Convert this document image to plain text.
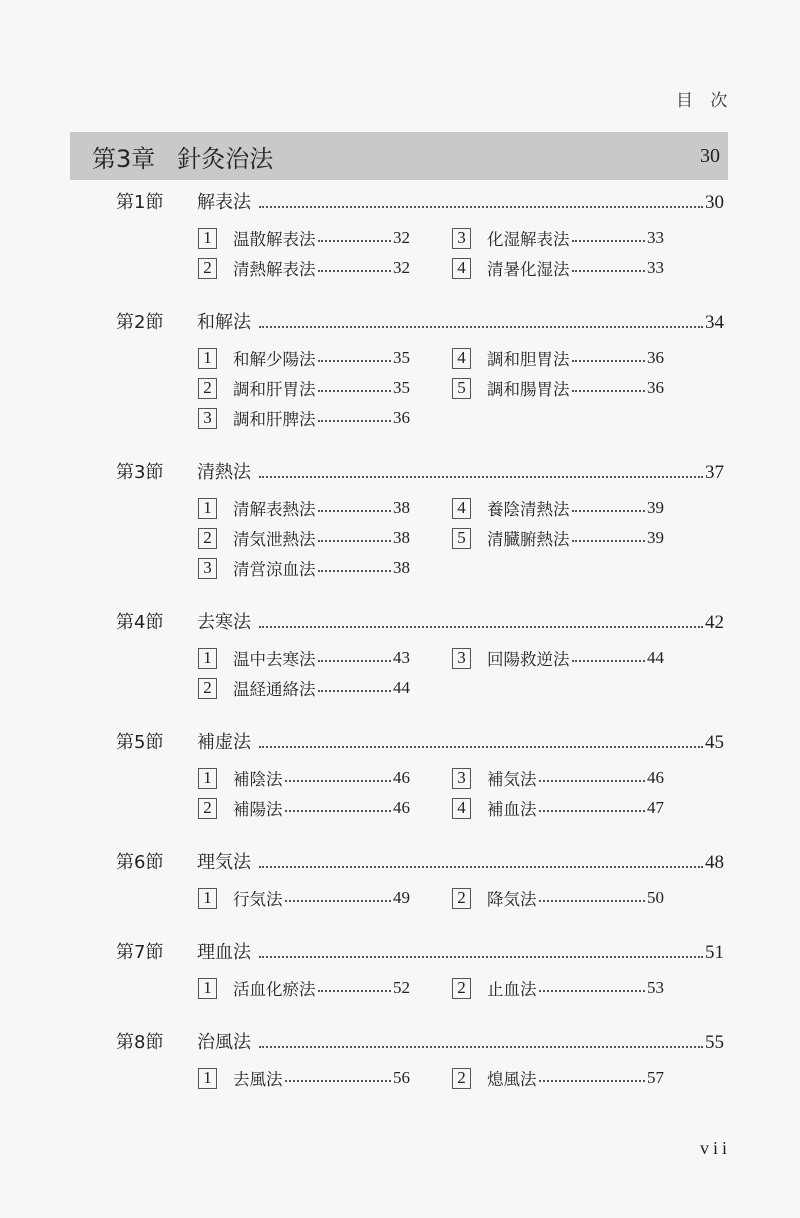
目 次
第3章 針灸治法	30
第1節	解表法	30
1	温散解表法	32
2	清熱解表法	32
3	化湿解表法	33
4	清暑化湿法	33
第2節	和解法	34
1	和解少陽法	35
2	調和肝胃法	35
3	調和肝脾法	36
4	調和胆胃法	36
5	調和腸胃法	36
第3節	清熱法	37
1	清解表熱法	38
2	清気泄熱法	38
3	清営涼血法	38
4	養陰清熱法	39
5	清臓腑熱法	39
第4節	去寒法	42
1	温中去寒法	43
2	温経通絡法	44
3	回陽救逆法	44
第5節	補虚法	45
1	補陰法	46
2	補陽法	46
3	補気法	46
4	補血法	47
第6節	理気法	48
1	行気法	49	2	降気法	50
第7節	理血法	51
1	活血化瘀法	52	2	止血法	53
第8節	治風法	55
1	去風法	56	2	熄風法	57
vii
